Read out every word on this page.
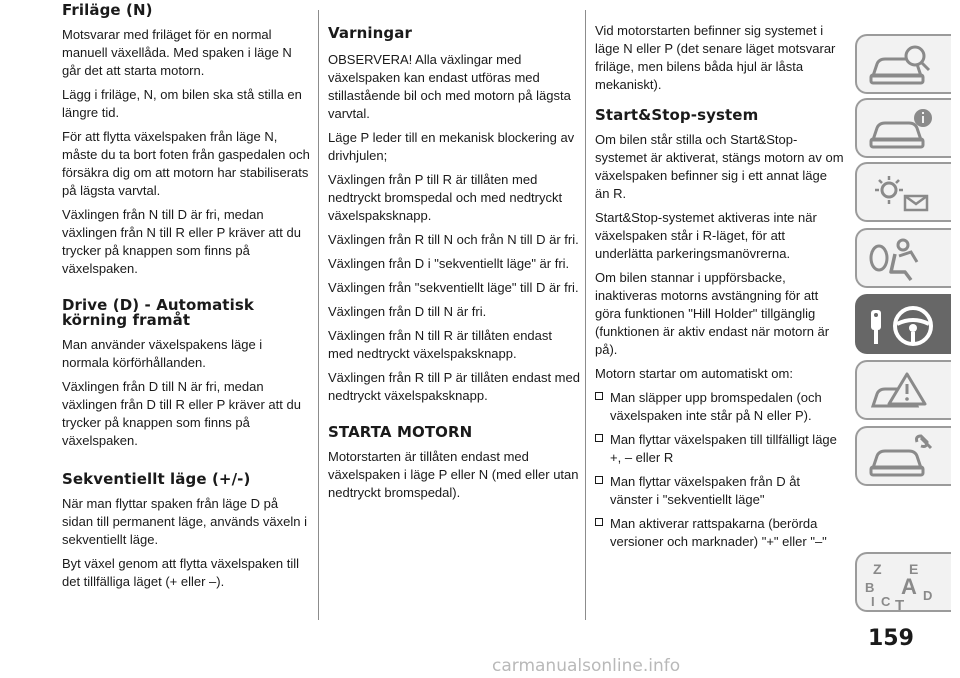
Friläge (N)

Motsvarar med friläget för en normal manuell växellåda. Med spaken i läge N går det att starta motorn.

Lägg i friläge, N, om bilen ska stå stilla en längre tid.

För att flytta växelspaken från läge N, måste du ta bort foten från gaspedalen och försäkra dig om att motorn har stabiliserats på lägsta varvtal.

Växlingen från N till D är fri, medan växlingen från N till R eller P kräver att du trycker på knappen som finns på växelspaken.

Drive (D) - Automatisk körning framåt

Man använder växelspakens läge i normala körförhållanden.

Växlingen från D till N är fri, medan växlingen från D till R eller P kräver att du trycker på knappen som finns på växelspaken.

Sekventiellt läge (+/-)

När man flyttar spaken från läge D på sidan till permanent läge, används växeln i sekventiellt läge.

Byt växel genom att flytta växelspaken till det tillfälliga läget (+ eller –).

Varningar

OBSERVERA! Alla växlingar med växelspaken kan endast utföras med stillastående bil och med motorn på lägsta varvtal.

Läge P leder till en mekanisk blockering av drivhjulen;

Växlingen från P till R är tillåten med nedtryckt bromspedal och med nedtryckt växelspaksknapp.

Växlingen från R till N och från N till D är fri.

Växlingen från D i "sekventiellt läge" är fri.

Växlingen från "sekventiellt läge" till D är fri.

Växlingen från D till N är fri.

Växlingen från N till R är tillåten endast med nedtryckt växelspaksknapp.

Växlingen från R till P är tillåten endast med nedtryckt växelspaksknapp.

STARTA MOTORN

Motorstarten är tillåten endast med växelspaken i läge P eller N (med eller utan nedtryckt bromspedal).

Vid motorstarten befinner sig systemet i läge N eller P (det senare läget motsvarar friläge, men bilens båda hjul är låsta mekaniskt).

Start&Stop-system

Om bilen står stilla och Start&Stop-systemet är aktiverat, stängs motorn av om växelspaken befinner sig i ett annat läge än R.

Start&Stop-systemet aktiveras inte när växelspaken står i R-läget, för att underlätta parkeringsmanövrerna.

Om bilen stannar i uppförsbacke, inaktiveras motorns avstängning för att göra funktionen "Hill Holder" tillgänglig (funktionen är aktiv endast när motorn är på).

Motorn startar om automatiskt om:

Man släpper upp bromspedalen (och växelspaken inte står på N eller P).
Man flyttar växelspaken till tillfälligt läge +, – eller R
Man flyttar växelspaken från D åt vänster i "sekventiellt läge"
Man aktiverar rattspakarna (berörda versioner och marknader) "+" eller "–"
Z E
B A
I C T
D
159
carmanualsonline.info
